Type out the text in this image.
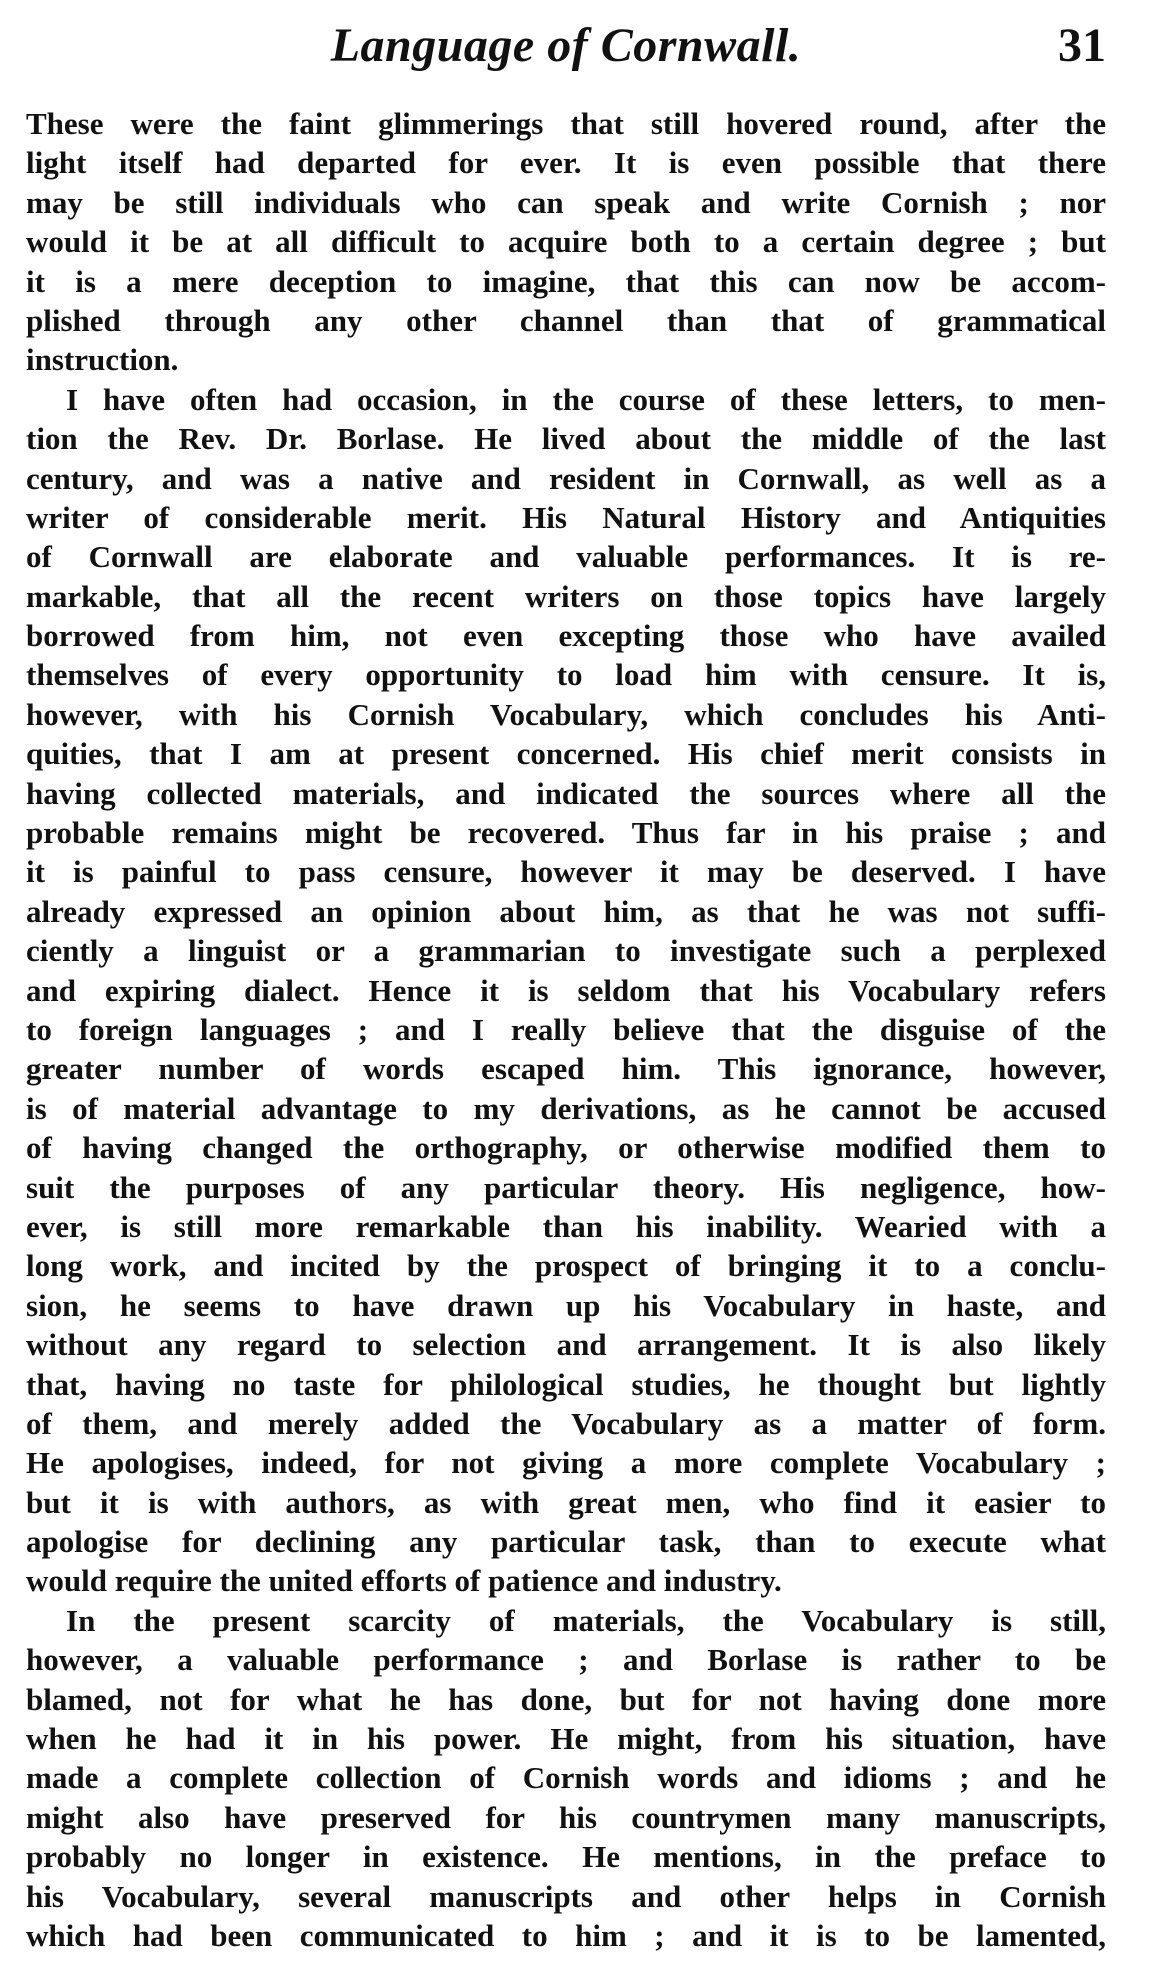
Language of Cornwall.	31
These were the faint glimmerings that still hovered round, after the
light itself had departed for ever. It is even possible that there
may be still individuals who can speak and write Cornish ; nor
would it be at all difficult to acquire both to a certain degree ; but
it is a mere deception to imagine, that this can now be accom-
plished through any other channel than that of grammatical
instruction.
I have often had occasion, in the course of these letters, to men-
tion the Rev. Dr. Borlase. He lived about the middle of the last
century, and was a native and resident in Cornwall, as well as a
writer of considerable merit. His Natural History and Antiquities
of Cornwall are elaborate and valuable performances. It is re-
markable, that all the recent writers on those topics have largely
borrowed from him, not even excepting those who have availed
themselves of every opportunity to load him with censure. It is,
however, with his Cornish Vocabulary, which concludes his Anti-
quities, that I am at present concerned. His chief merit consists in
having collected materials, and indicated the sources where all the
probable remains might be recovered. Thus far in his praise ; and
it is painful to pass censure, however it may be deserved. I have
already expressed an opinion about him, as that he was not suffi-
ciently a linguist or a grammarian to investigate such a perplexed
and expiring dialect. Hence it is seldom that his Vocabulary refers
to foreign languages ; and I really believe that the disguise of the
greater number of words escaped him. This ignorance, however,
is of material advantage to my derivations, as he cannot be accused
of having changed the orthography, or otherwise modified them to
suit the purposes of any particular theory. His negligence, how-
ever, is still more remarkable than his inability. Wearied with a
long work, and incited by the prospect of bringing it to a conclu-
sion, he seems to have drawn up his Vocabulary in haste, and
without any regard to selection and arrangement. It is also likely
that, having no taste for philological studies, he thought but lightly
of them, and merely added the Vocabulary as a matter of form.
He apologises, indeed, for not giving a more complete Vocabulary ;
but it is with authors, as with great men, who find it easier to
apologise for declining any particular task, than to execute what
would require the united efforts of patience and industry.
In the present scarcity of materials, the Vocabulary is still,
however, a valuable performance ; and Borlase is rather to be
blamed, not for what he has done, but for not having done more
when he had it in his power. He might, from his situation, have
made a complete collection of Cornish words and idioms ; and he
might also have preserved for his countrymen many manuscripts,
probably no longer in existence. He mentions, in the preface to
his Vocabulary, several manuscripts and other helps in Cornish
which had been communicated to him ; and it is to be lamented,
